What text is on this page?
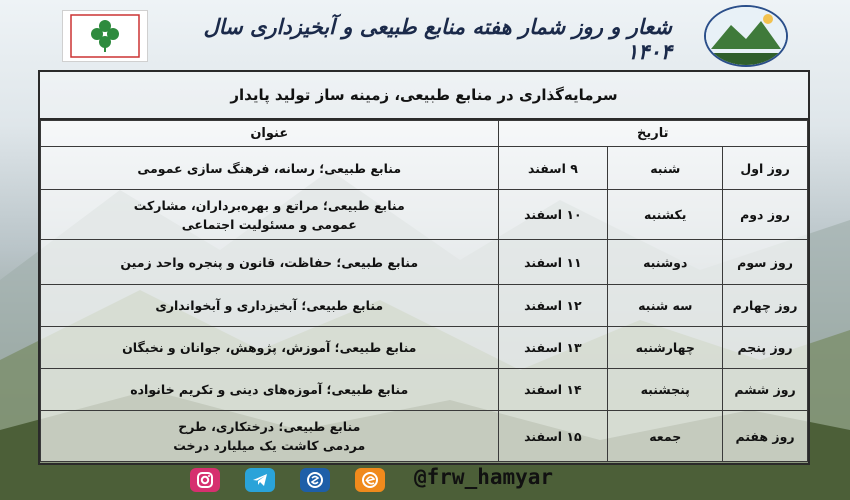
شعار و روز شمار هفته منابع طبیعی و آبخیزداری سال ۱۴۰۴
سرمایه‌گذاری در منابع طبیعی، زمینه ساز تولید پایدار
تاریخ			عنوان
روز اول	شنبه	۹ اسفند	منابع طبیعی؛ رسانه، فرهنگ سازی عمومی
روز دوم	یکشنبه	۱۰ اسفند	منابع طبیعی؛ مراتع و بهره‌برداران، مشارکت عمومی و مسئولیت اجتماعی
روز سوم	دوشنبه	۱۱ اسفند	منابع طبیعی؛ حفاظت، قانون و پنجره واحد زمین
روز چهارم	سه شنبه	۱۲ اسفند	منابع طبیعی؛ آبخیزداری و آبخوانداری
روز پنجم	چهارشنبه	۱۳ اسفند	منابع طبیعی؛ آموزش، پژوهش، جوانان و نخبگان
روز ششم	پنجشنبه	۱۴ اسفند	منابع طبیعی؛ آموزه‌های دینی و تکریم خانواده
روز هفتم	جمعه	۱۵ اسفند	منابع طبیعی؛ درختکاری، طرح مردمی کاشت یک میلیارد درخت
@frw_hamyar
